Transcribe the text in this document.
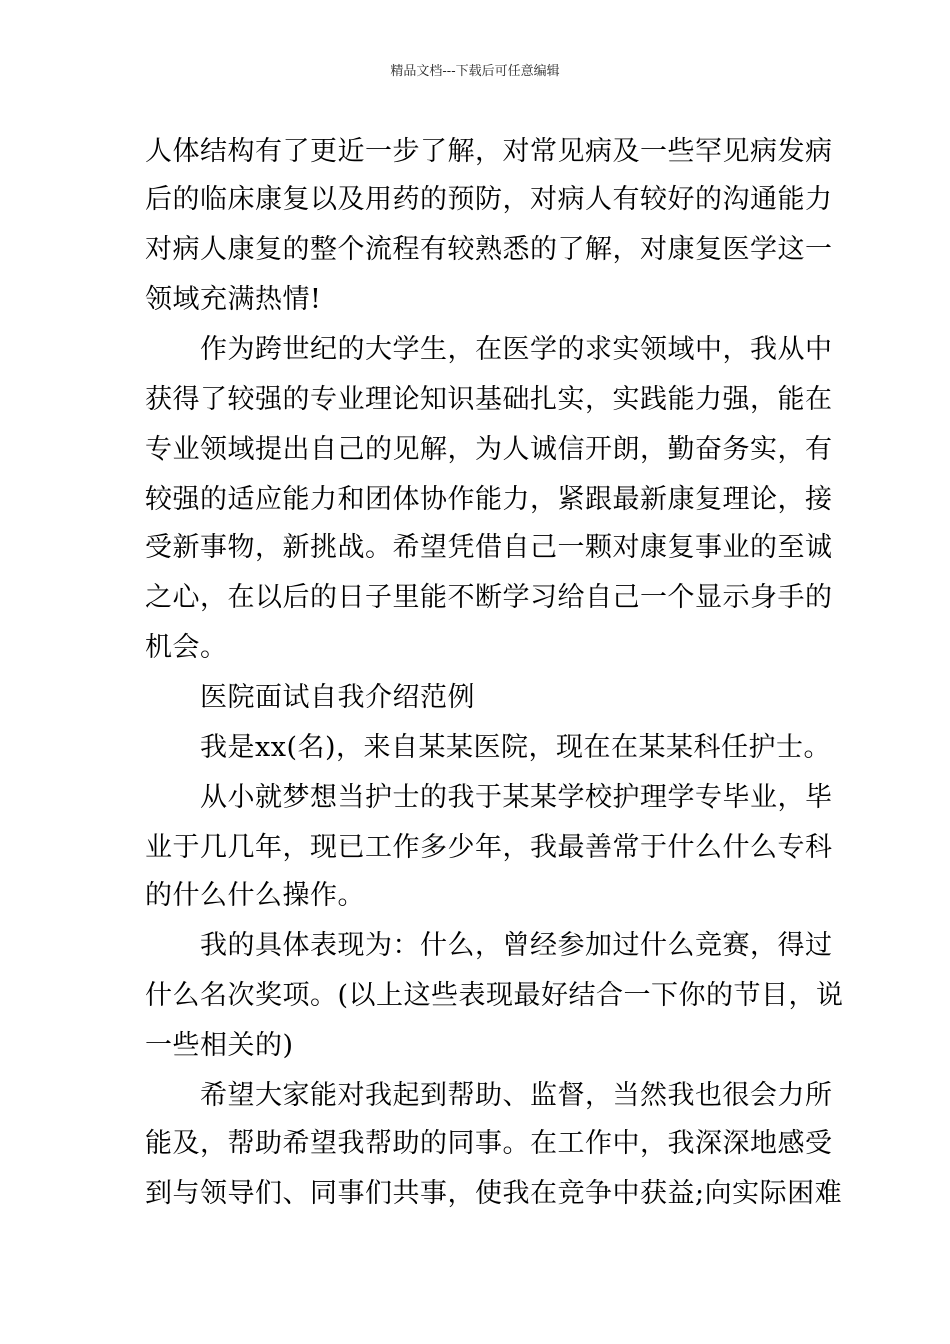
精品文档---下载后可任意编辑
人体结构有了更近一步了解，对常见病及一些罕见病发病
后的临床康复以及用药的预防，对病人有较好的沟通能力
对病人康复的整个流程有较熟悉的了解，对康复医学这一
领域充满热情!
作为跨世纪的大学生，在医学的求实领域中，我从中
获得了较强的专业理论知识基础扎实，实践能力强，能在
专业领域提出自己的见解，为人诚信开朗，勤奋务实，有
较强的适应能力和团体协作能力，紧跟最新康复理论，接
受新事物，新挑战。希望凭借自己一颗对康复事业的至诚
之心，在以后的日子里能不断学习给自己一个显示身手的
机会。
医院面试自我介绍范例
我是xx(名)，来自某某医院，现在在某某科任护士。
从小就梦想当护士的我于某某学校护理学专毕业，毕
业于几几年，现已工作多少年，我最善常于什么什么专科
的什么什么操作。
我的具体表现为：什么，曾经参加过什么竞赛，得过
什么名次奖项。(以上这些表现最好结合一下你的节目，说
一些相关的)
希望大家能对我起到帮助、监督，当然我也很会力所
能及，帮助希望我帮助的同事。在工作中，我深深地感受
到与领导们、同事们共事，使我在竞争中获益;向实际困难
